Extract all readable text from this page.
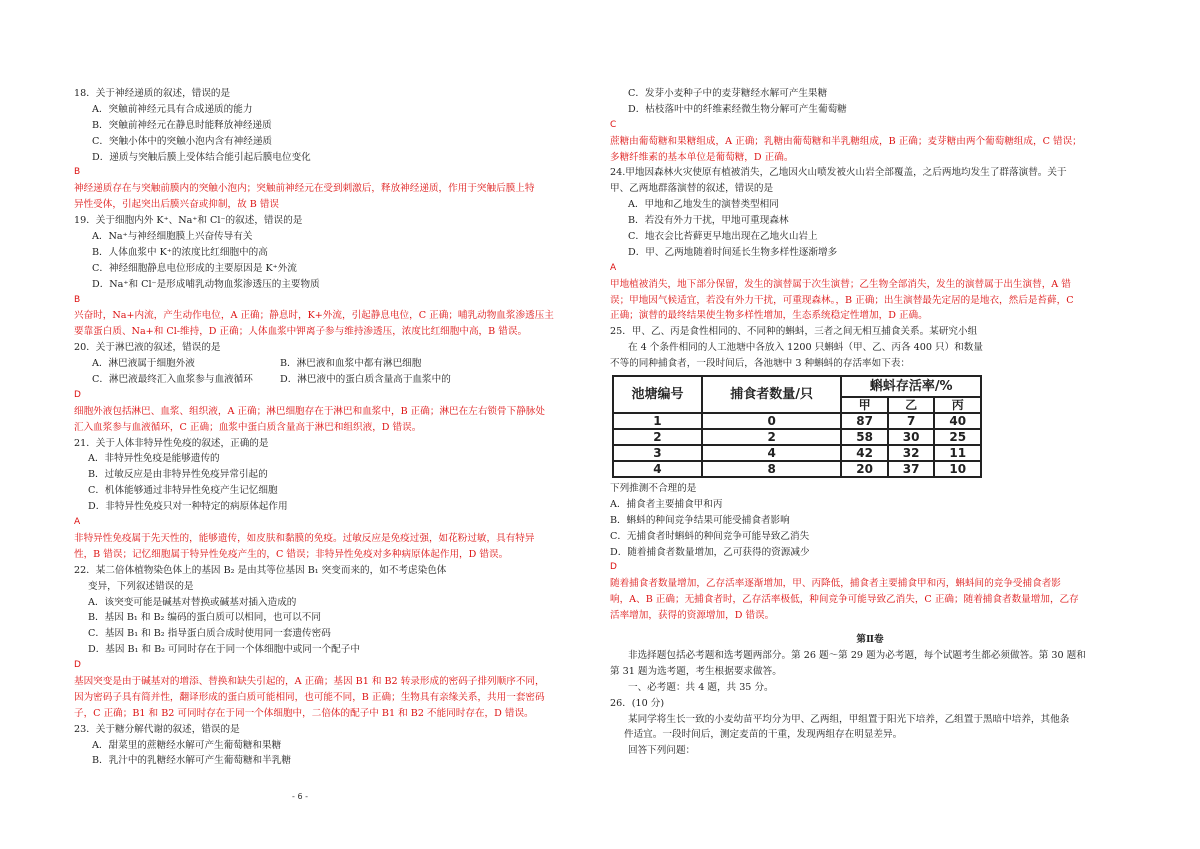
18．关于神经递质的叙述，错误的是
A．突触前神经元具有合成递质的能力
B．突触前神经元在静息时能释放神经递质
C．突触小体中的突触小泡内含有神经递质
D．递质与突触后膜上受体结合能引起后膜电位变化
B
神经递质存在与突触前膜内的突触小泡内；突触前神经元在受到刺激后，释放神经递质，作用于突触后膜上特
异性受体，引起突出后膜兴奋或抑制，故 B 错误
19．关于细胞内外 K⁺、Na⁺和 Cl⁻的叙述，错误的是
A．Na⁺与神经细胞膜上兴奋传导有关
B．人体血浆中 K⁺的浓度比红细胞中的高
C．神经细胞静息电位形成的主要原因是 K⁺外流
D．Na⁺和 Cl⁻是形成哺乳动物血浆渗透压的主要物质
B
兴奋时，Na+内流，产生动作电位，A 正确；静息时，K+外流，引起静息电位，C 正确；哺乳动物血浆渗透压主
要靠蛋白质、Na+和 Cl-维持，D 正确；人体血浆中钾离子参与维持渗透压，浓度比红细胞中高，B 错误。
20．关于淋巴液的叙述，错误的是
A．淋巴液属于细胞外液	B．淋巴液和血浆中都有淋巴细胞
C．淋巴液最终汇入血浆参与血液循环	D．淋巴液中的蛋白质含量高于血浆中的
D
细胞外液包括淋巴、血浆、组织液，A 正确；淋巴细胞存在于淋巴和血浆中，B 正确；淋巴在左右锁骨下静脉处
汇入血浆参与血液循环，C 正确；血浆中蛋白质含量高于淋巴和组织液，D 错误。
21．关于人体非特异性免疫的叙述，正确的是
A．非特异性免疫是能够遗传的
B．过敏反应是由非特异性免疫异常引起的
C．机体能够通过非特异性免疫产生记忆细胞
D．非特异性免疫只对一种特定的病原体起作用
A
非特异性免疫属于先天性的，能够遗传，如皮肤和黏膜的免疫。过敏反应是免疫过强，如花粉过敏，具有特异
性，B 错误；记忆细胞属于特异性免疫产生的，C 错误；非特异性免疫对多种病原体起作用，D 错误。
22．某二倍体植物染色体上的基因 B₂ 是由其等位基因 B₁ 突变而来的，如不考虑染色体
变异，下列叙述错误的是
A．该突变可能是碱基对替换或碱基对插入造成的
B．基因 B₁ 和 B₂ 编码的蛋白质可以相同，也可以不同
C．基因 B₁ 和 B₂ 指导蛋白质合成时使用同一套遗传密码
D．基因 B₁ 和 B₂ 可同时存在于同一个体细胞中或同一个配子中
D
基因突变是由于碱基对的增添、替换和缺失引起的，A 正确；基因 B1 和 B2 转录形成的密码子排列顺序不同，
因为密码子具有简并性，翻译形成的蛋白质可能相同，也可能不同，B 正确；生物具有亲缘关系，共用一套密码
子，C 正确；B1 和 B2 可同时存在于同一个体细胞中，二倍体的配子中 B1 和 B2 不能同时存在，D 错误。
23．关于糖分解代谢的叙述，错误的是
A．甜菜里的蔗糖经水解可产生葡萄糖和果糖
B．乳汁中的乳糖经水解可产生葡萄糖和半乳糖
C．发芽小麦种子中的麦芽糖经水解可产生果糖
D．枯枝落叶中的纤维素经微生物分解可产生葡萄糖
C
蔗糖由葡萄糖和果糖组成，A 正确；乳糖由葡萄糖和半乳糖组成，B 正确；麦芽糖由两个葡萄糖组成，C 错误；
多糖纤维素的基本单位是葡萄糖，D 正确。
24.甲地因森林火灾使原有植被消失，乙地因火山喷发被火山岩全部覆盖，之后两地均发生了群落演替。关于
甲、乙两地群落演替的叙述，错误的是
A．甲地和乙地发生的演替类型相同
B．若没有外力干扰，甲地可重现森林
C．地衣会比苔藓更早地出现在乙地火山岩上
D．甲、乙两地随着时间延长生物多样性逐渐增多
A
甲地植被消失，地下部分保留，发生的演替属于次生演替；乙生物全部消失，发生的演替属于出生演替，A 错
误；甲地因气候适宜，若没有外力干扰，可重现森林。，B 正确；出生演替最先定居的是地衣，然后是苔藓，C
正确；演替的最终结果使生物多样性增加，生态系统稳定性增加，D 正确。
25．甲、乙、丙是食性相同的、不同种的蝌蚪，三者之间无相互捕食关系。某研究小组
在 4 个条件相同的人工池塘中各放入 1200 只蝌蚪（甲、乙、丙各 400 只）和数量
不等的同种捕食者，一段时间后，各池塘中 3 种蝌蚪的存活率如下表：
池塘编号	捕食者数量/只	蝌蚪存活率/%		
		甲	乙	丙
1	0	87	7	40
2	2	58	30	25
3	4	42	32	11
4	8	20	37	10
下列推测不合理的是
A．捕食者主要捕食甲和丙
B．蝌蚪的种间竞争结果可能受捕食者影响
C．无捕食者时蝌蚪的种间竞争可能导致乙消失
D．随着捕食者数量增加，乙可获得的资源减少
D
随着捕食者数量增加，乙存活率逐渐增加，甲、丙降低，捕食者主要捕食甲和丙，蝌蚪间的竞争受捕食者影
响，A、B 正确；无捕食者时，乙存活率极低，种间竞争可能导致乙消失，C 正确；随着捕食者数量增加，乙存
活率增加，获得的资源增加，D 错误。
第Ⅱ卷
非选择题包括必考题和选考题两部分。第 26 题～第 29 题为必考题，每个试题考生都必须做答。第 30 题和
第 31 题为选考题，考生根据要求做答。
一、必考题：共 4 题，共 35 分。
26．(10 分)
某同学将生长一致的小麦幼苗平均分为甲、乙两组，甲组置于阳光下培养，乙组置于黑暗中培养，其他条
件适宜。一段时间后，测定麦苗的干重，发现两组存在明显差异。
回答下列问题：
- 6 -
